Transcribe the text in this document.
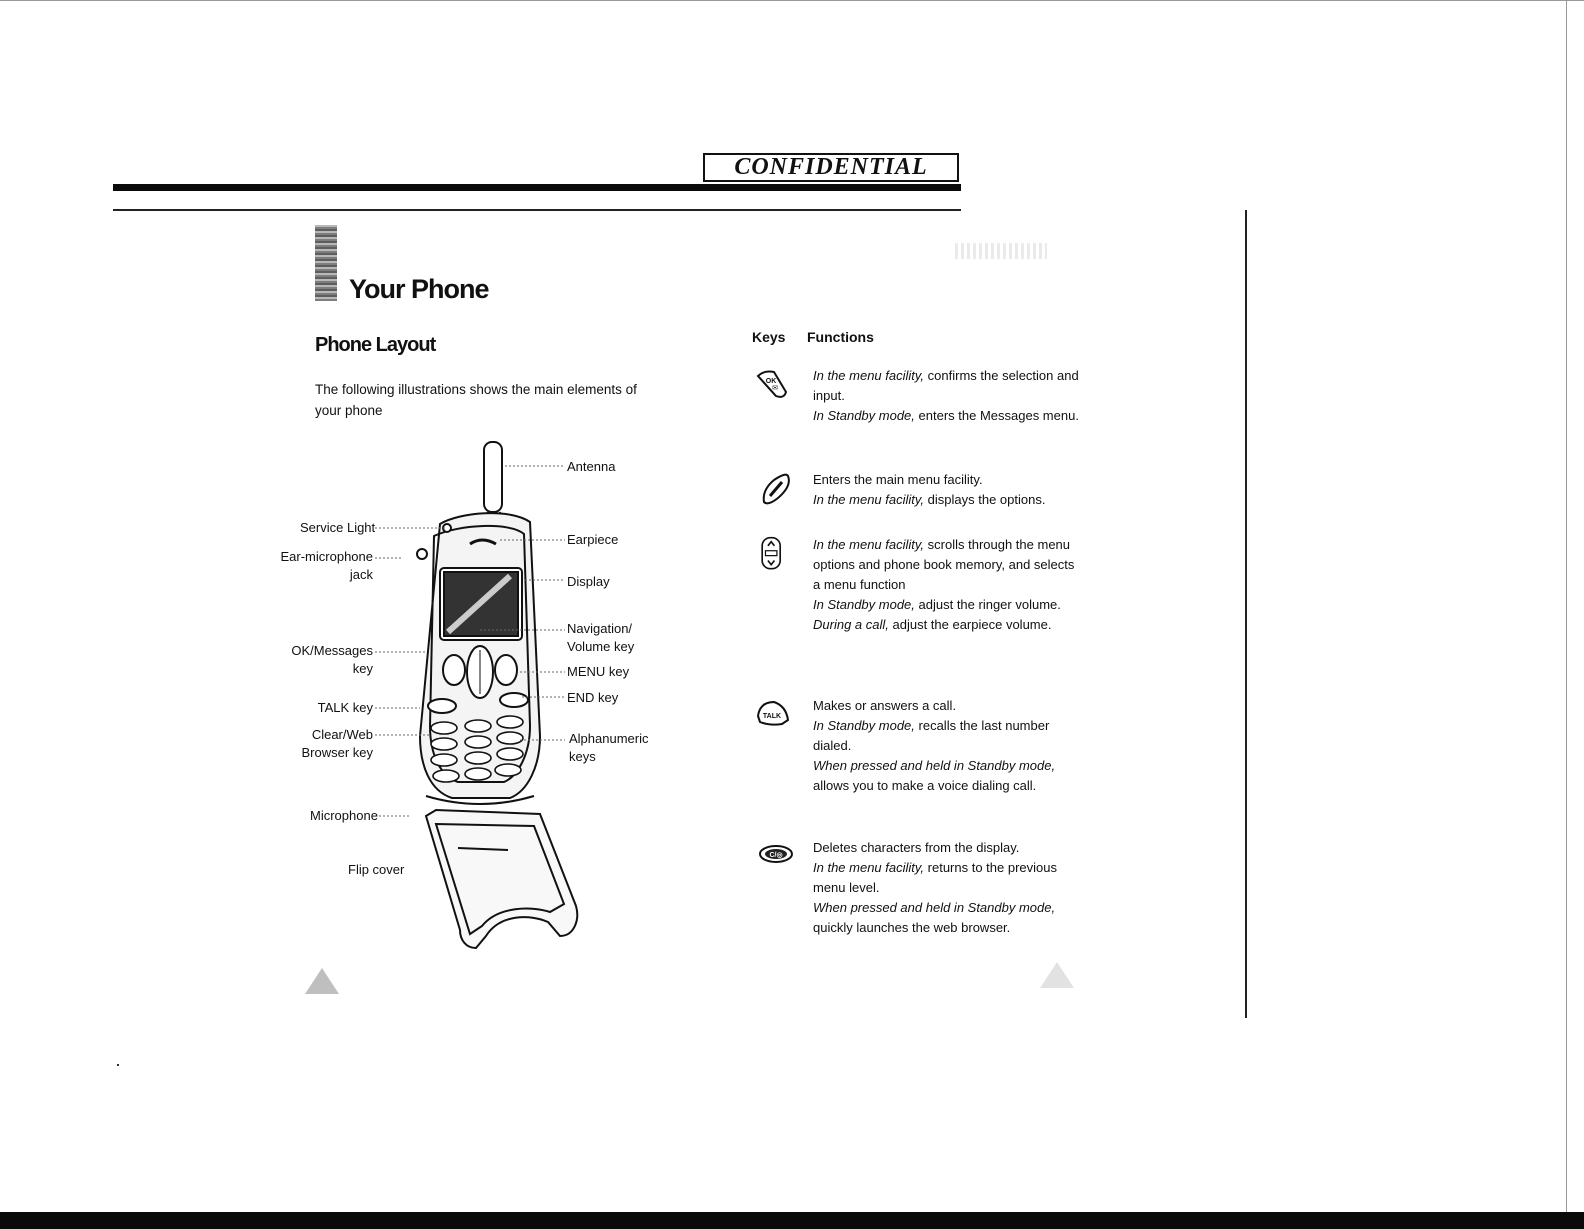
CONFIDENTIAL
Your Phone
Phone Layout
The following illustrations shows the main elements of your phone
Service Light
Ear-microphone
jack
OK/Messages
key
TALK key
Clear/Web
Browser key
Microphone
Flip cover
Antenna
Earpiece
Display
Navigation/
Volume key
MENU key
END key
Alphanumeric
keys
Keys Functions
OK
✉
TALK
C/◎

In the menu facility, confirms the selection and input.

In Standby mode, enters the Messages menu.

Enters the main menu facility.

In the menu facility, displays the options.

In the menu facility, scrolls through the menu options and phone book memory, and selects a menu function

In Standby mode, adjust the ringer volume.

During a call, adjust the earpiece volume.

Makes or answers a call.

In Standby mode, recalls the last number dialed.

When pressed and held in Standby mode, allows you to make a voice dialing call.

Deletes characters from the display.

In the menu facility, returns to the previous menu level.

When pressed and held in Standby mode, quickly launches the web browser.
